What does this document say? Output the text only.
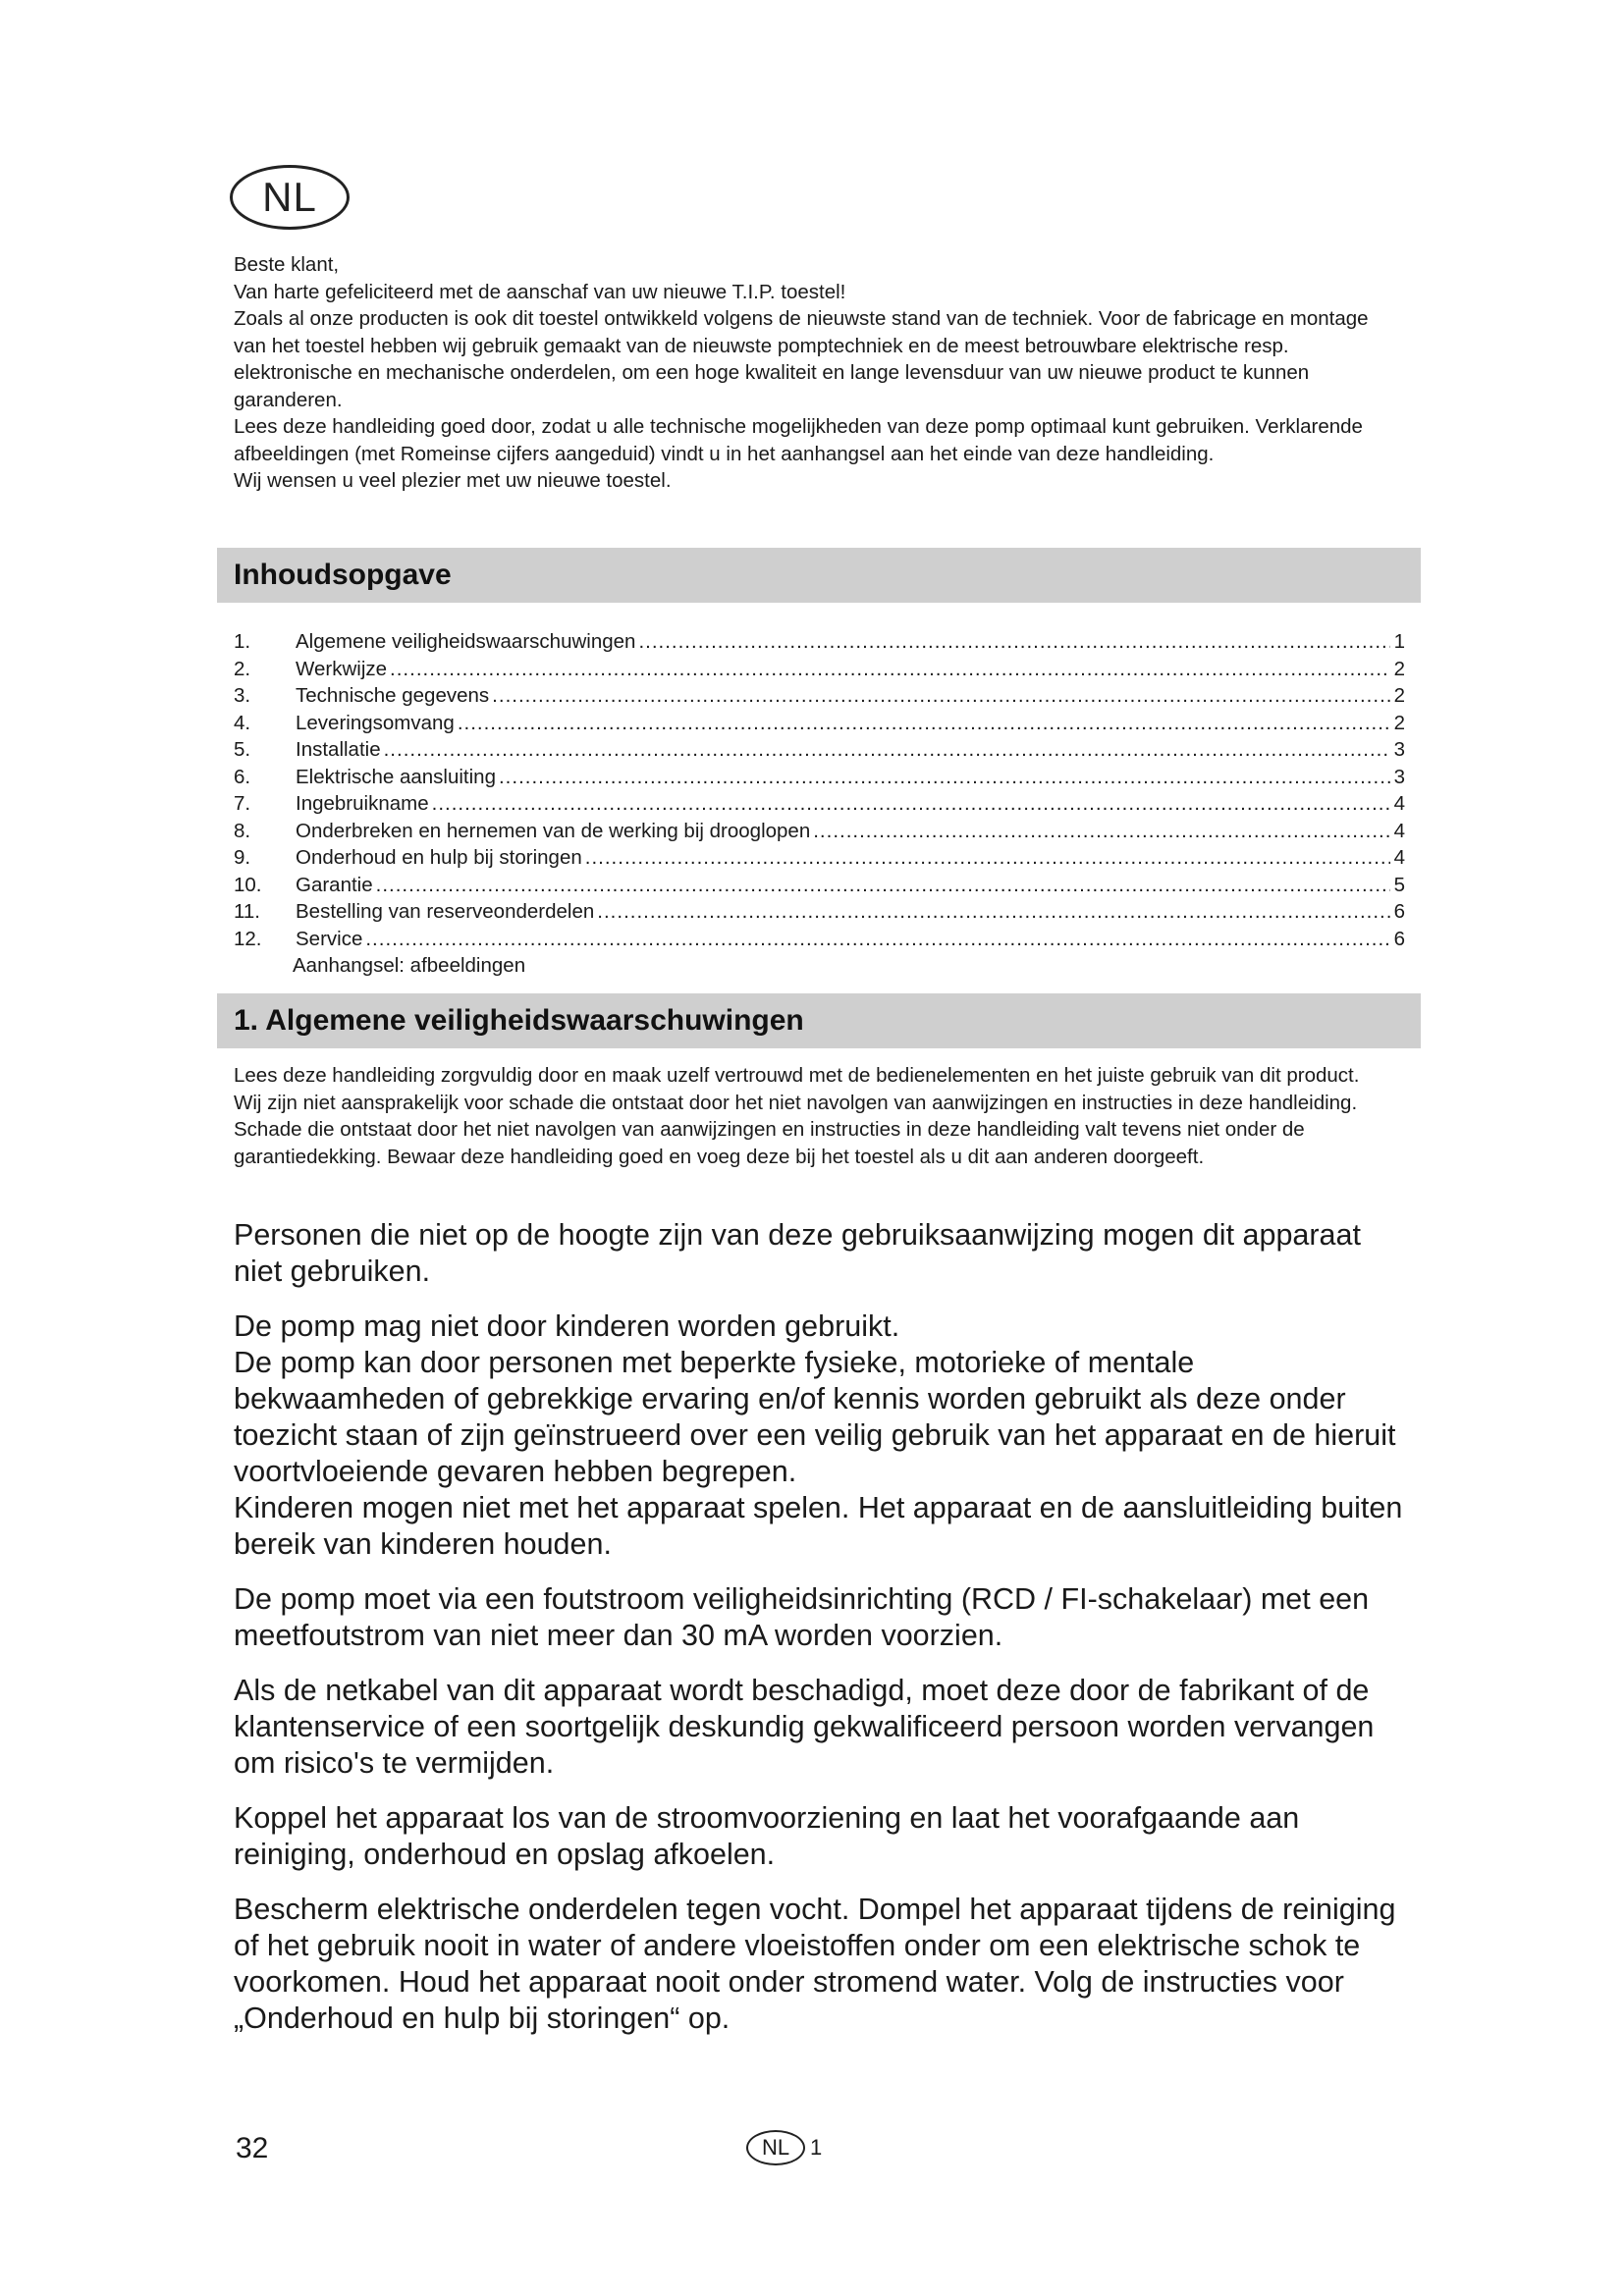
NL

Beste klant,

Van harte gefeliciteerd met de aanschaf van uw nieuwe T.I.P. toestel!

Zoals al onze producten is ook dit toestel ontwikkeld volgens de nieuwste stand van de techniek. Voor de fabricage en montage van het toestel hebben wij gebruik gemaakt van de nieuwste pomptechniek en de meest betrouwbare elektrische resp. elektronische en mechanische onderdelen, om een hoge kwaliteit en lange levensduur van uw nieuwe product te kunnen garanderen.

Lees deze handleiding goed door, zodat u alle technische mogelijkheden van deze pomp optimaal kunt gebruiken. Verklarende afbeeldingen (met Romeinse cijfers aangeduid) vindt u in het aanhangsel aan het einde van deze handleiding.

Wij wensen u veel plezier met uw nieuwe toestel.

Inhoudsopgave
1.	Algemene veiligheidswaarschuwingen .....	1
2.	Werkwijze .....	2
3.	Technische gegevens .....	2
4.	Leveringsomvang .....	2
5.	Installatie .....	3
6.	Elektrische aansluiting .....	3
7.	Ingebruikname .....	4
8.	Onderbreken en hernemen van de werking bij drooglopen .....	4
9.	Onderhoud en hulp bij storingen .....	4
10.	Garantie .....	5
11.	Bestelling van reserveonderdelen .....	6
12.	Service .....	6
Aanhangsel: afbeeldingen
1. Algemene veiligheidswaarschuwingen

Lees deze handleiding zorgvuldig door en maak uzelf vertrouwd met de bedienelementen en het juiste gebruik van dit product. Wij zijn niet aansprakelijk voor schade die ontstaat door het niet navolgen van aanwijzingen en instructies in deze handleiding. Schade die ontstaat door het niet navolgen van aanwijzingen en instructies in deze handleiding valt tevens niet onder de garantiedekking. Bewaar deze handleiding goed en voeg deze bij het toestel als u dit aan anderen doorgeeft.

Personen die niet op de hoogte zijn van deze gebruiksaanwijzing mogen dit apparaat niet gebruiken.

De pomp mag niet door kinderen worden gebruikt.
De pomp kan door personen met beperkte fysieke, motorieke of mentale bekwaamheden of gebrekkige ervaring en/of kennis worden gebruikt als deze onder toezicht staan of zijn geïnstrueerd over een veilig gebruik van het apparaat en de hieruit voortvloeiende gevaren hebben begrepen.
Kinderen mogen niet met het apparaat spelen. Het apparaat en de aansluitleiding buiten bereik van kinderen houden.

De pomp moet via een foutstroom veiligheidsinrichting (RCD / FI-schakelaar) met een meetfoutstrom van niet meer dan 30 mA worden voorzien.

Als de netkabel van dit apparaat wordt beschadigd, moet deze door de fabrikant of de klantenservice of een soortgelijk deskundig gekwalificeerd persoon worden vervangen om risico's te vermijden.

Koppel het apparaat los van de stroomvoorziening en laat het voorafgaande aan reiniging, onderhoud en opslag afkoelen.

Bescherm elektrische onderdelen tegen vocht. Dompel het apparaat tijdens de reiniging of het gebruik nooit in water of andere vloeistoffen onder om een elektrische schok te voorkomen. Houd het apparaat nooit onder stromend water. Volg de instructies voor „Onderhoud en hulp bij storingen“ op.

32	NL 1
